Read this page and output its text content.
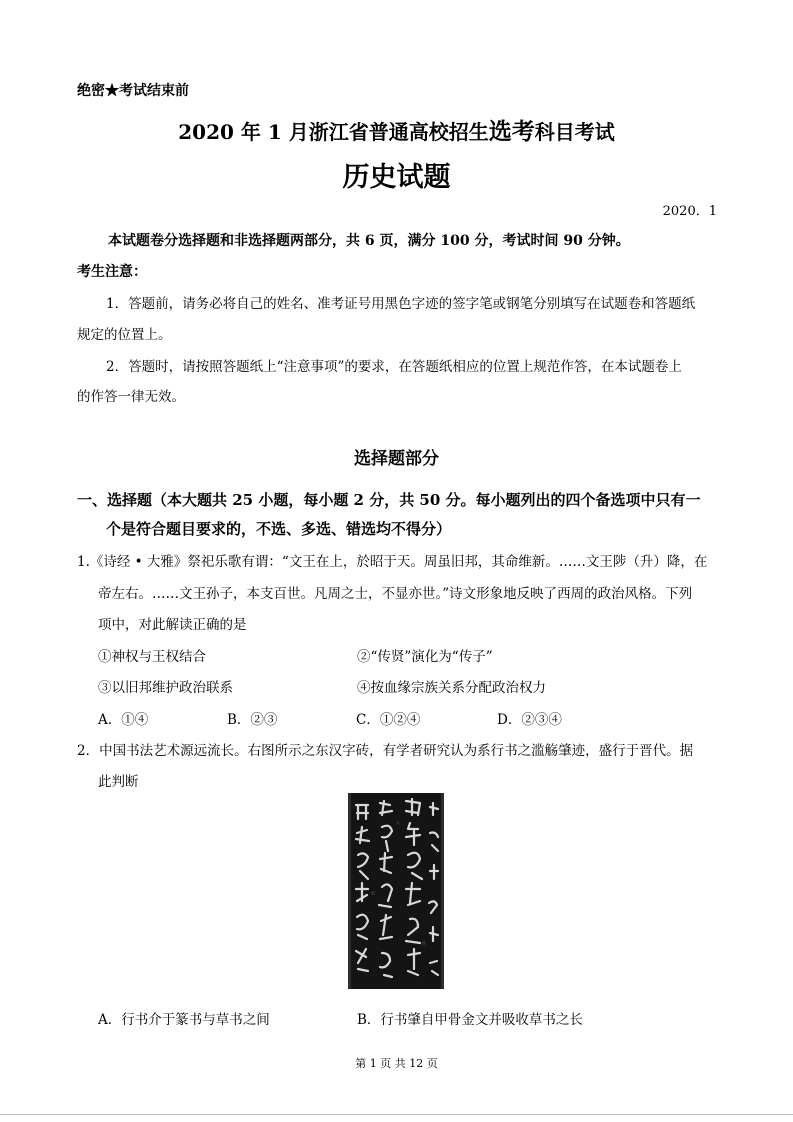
绝密★考试结束前
2020 年 1 月浙江省普通高校招生选考科目考试
历史试题
2020．1
本试题卷分选择题和非选择题两部分，共 6 页，满分 100 分，考试时间 90 分钟。
考生注意：
1．答题前，请务必将自己的姓名、准考证号用黑色字迹的签字笔或钢笔分别填写在试题卷和答题纸
规定的位置上。
2．答题时，请按照答题纸上“注意事项”的要求，在答题纸相应的位置上规范作答，在本试题卷上
的作答一律无效。
选择题部分
一、选择题（本大题共 25 小题，每小题 2 分，共 50 分。每小题列出的四个备选项中只有一
个是符合题目要求的，不选、多选、错选均不得分）
1.《诗经 • 大雅》祭祀乐歌有谓：“文王在上，於昭于天。周虽旧邦，其命维新。……文王陟（升）降，在
帝左右。……文王孙子，本支百世。凡周之士，不显亦世。”诗文形象地反映了西周的政治风格。下列
项中，对此解读正确的是
①神权与王权结合	②“传贤”演化为“传子”
③以旧邦维护政治联系	④按血缘宗族关系分配政治权力
A．①④	B．②③	C．①②④	D．②③④
2．中国书法艺术源远流长。右图所示之东汉字砖，有学者研究认为系行书之滥觞肇迹，盛行于晋代。据
此判断
A．行书介于篆书与草书之间	B．行书肇自甲骨金文并吸收草书之长
第 1 页 共 12 页
